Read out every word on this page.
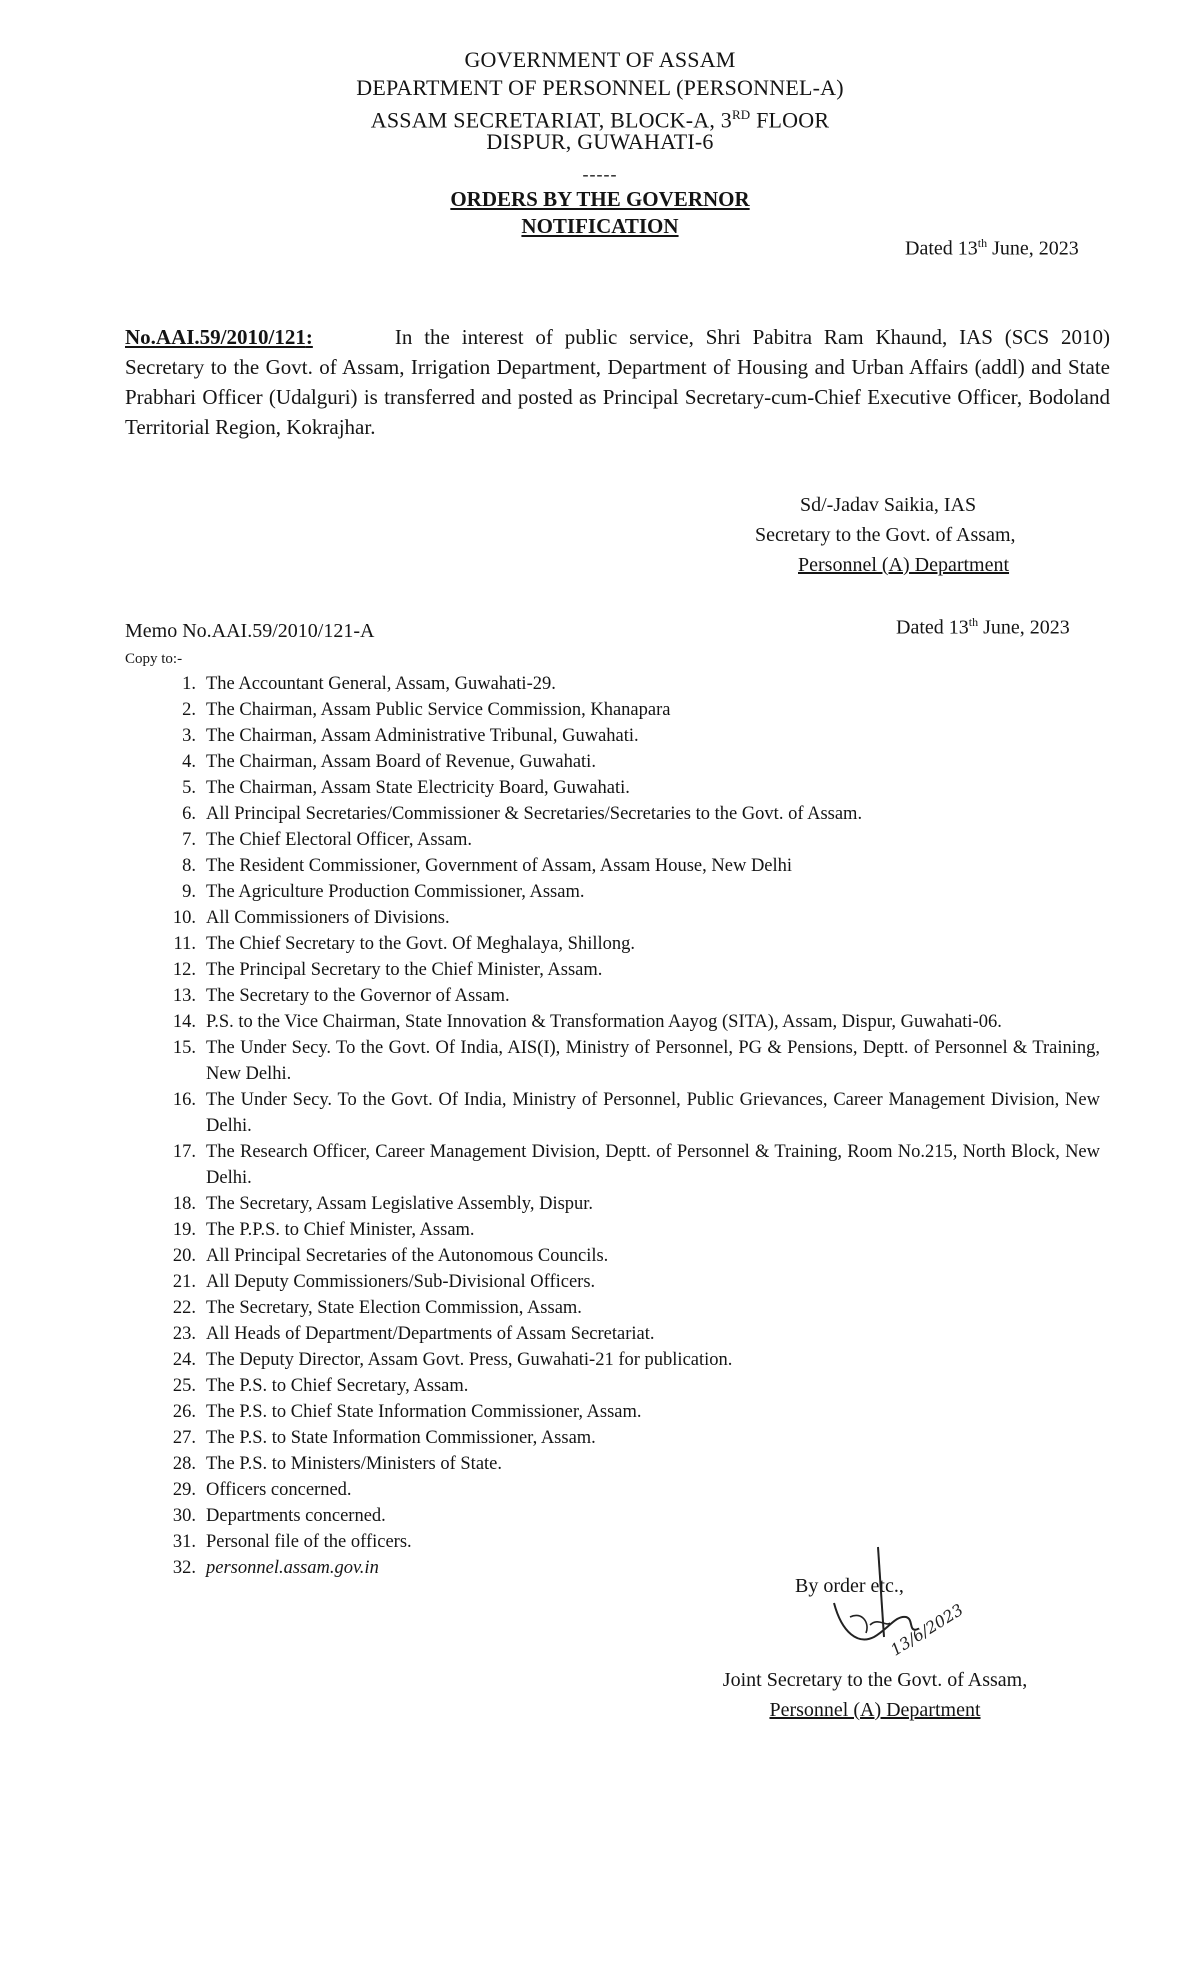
GOVERNMENT OF ASSAM
DEPARTMENT OF PERSONNEL (PERSONNEL-A)
ASSAM SECRETARIAT, BLOCK-A, 3RD FLOOR
DISPUR, GUWAHATI-6
-----
ORDERS BY THE GOVERNOR
NOTIFICATION
Dated 13th June, 2023
No.AAI.59/2010/121:	In the interest of public service, Shri Pabitra Ram Khaund, IAS (SCS 2010) Secretary to the Govt. of Assam, Irrigation Department, Department of Housing and Urban Affairs (addl) and State Prabhari Officer (Udalguri) is transferred and posted as Principal Secretary-cum-Chief Executive Officer, Bodoland Territorial Region, Kokrajhar.
Sd/-Jadav Saikia, IAS
Secretary to the Govt. of Assam,
Personnel (A) Department
Memo No.AAI.59/2010/121-A	Dated 13th June, 2023
Copy to:-
1. The Accountant General, Assam, Guwahati-29.
2. The Chairman, Assam Public Service Commission, Khanapara
3. The Chairman, Assam Administrative Tribunal, Guwahati.
4. The Chairman, Assam Board of Revenue, Guwahati.
5. The Chairman, Assam State Electricity Board, Guwahati.
6. All Principal Secretaries/Commissioner & Secretaries/Secretaries to the Govt. of Assam.
7. The Chief Electoral Officer, Assam.
8. The Resident Commissioner, Government of Assam, Assam House, New Delhi
9. The Agriculture Production Commissioner, Assam.
10. All Commissioners of Divisions.
11. The Chief Secretary to the Govt. Of Meghalaya, Shillong.
12. The Principal Secretary to the Chief Minister, Assam.
13. The Secretary to the Governor of Assam.
14. P.S. to the Vice Chairman, State Innovation & Transformation Aayog (SITA), Assam, Dispur, Guwahati-06.
15. The Under Secy. To the Govt. Of India, AIS(I), Ministry of Personnel, PG & Pensions, Deptt. of Personnel & Training, New Delhi.
16. The Under Secy. To the Govt. Of India, Ministry of Personnel, Public Grievances, Career Management Division, New Delhi.
17. The Research Officer, Career Management Division, Deptt. of Personnel & Training, Room No.215, North Block, New Delhi.
18. The Secretary, Assam Legislative Assembly, Dispur.
19. The P.P.S. to Chief Minister, Assam.
20. All Principal Secretaries of the Autonomous Councils.
21. All Deputy Commissioners/Sub-Divisional Officers.
22. The Secretary, State Election Commission, Assam.
23. All Heads of Department/Departments of Assam Secretariat.
24. The Deputy Director, Assam Govt. Press, Guwahati-21 for publication.
25. The P.S. to Chief Secretary, Assam.
26. The P.S. to Chief State Information Commissioner, Assam.
27. The P.S. to State Information Commissioner, Assam.
28. The P.S. to Ministers/Ministers of State.
29. Officers concerned.
30. Departments concerned.
31. Personal file of the officers.
32. personnel.assam.gov.in
By order etc.,
13/6/2023
Joint Secretary to the Govt. of Assam,
Personnel (A) Department
